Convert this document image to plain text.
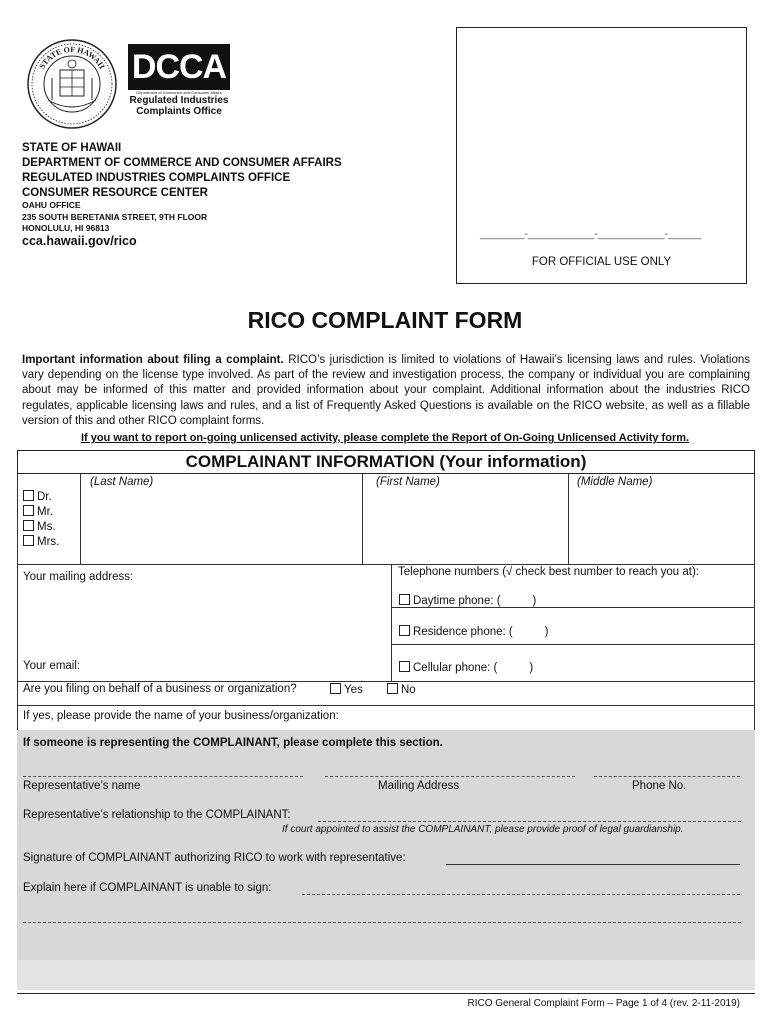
STATE OF HAWAII DCCA
Department of Commerce and Consumer Affairs
Regulated Industries Complaints Office
STATE OF HAWAII
DEPARTMENT OF COMMERCE AND CONSUMER AFFAIRS
REGULATED INDUSTRIES COMPLAINTS OFFICE
CONSUMER RESOURCE CENTER
OAHU OFFICE
235 SOUTH BERETANIA STREET, 9TH FLOOR
HONOLULU, HI 96813
cca.hawaii.gov/rico	________-____________-____________-______
FOR OFFICIAL USE ONLY
RICO COMPLAINT FORM
Important information about filing a complaint. RICO’s jurisdiction is limited to violations of Hawaii’s licensing laws and rules. Violations vary depending on the license type involved. As part of the review and investigation process, the company or individual you are complaining about may be informed of this matter and provided information about your complaint. Additional information about the industries RICO regulates, applicable licensing laws and rules, and a list of Frequently Asked Questions is available on the RICO website, as well as a fillable version of this and other RICO complaint forms.
If you want to report on-going unlicensed activity, please complete the Report of On-Going Unlicensed Activity form.
COMPLAINANT INFORMATION (Your information)
(Last Name)	(First Name)	(Middle Name)
Dr.
Mr.
Ms.
Mrs.
Your mailing address:	Telephone numbers (√ check best number to reach you at):
Daytime phone: (          )
Residence phone: (          )
Your email:	Cellular phone: (          )
Are you filing on behalf of a business or organization?	Yes	No
If yes, please provide the name of your business/organization:
If someone is representing the COMPLAINANT, please complete this section.
Representative’s name	Mailing Address	Phone No.
Representative’s relationship to the COMPLAINANT:
If court appointed to assist the COMPLAINANT, please provide proof of legal guardianship.
Signature of COMPLAINANT authorizing RICO to work with representative:
Explain here if COMPLAINANT is unable to sign:
RICO General Complaint Form – Page 1 of 4 (rev. 2-11-2019)
